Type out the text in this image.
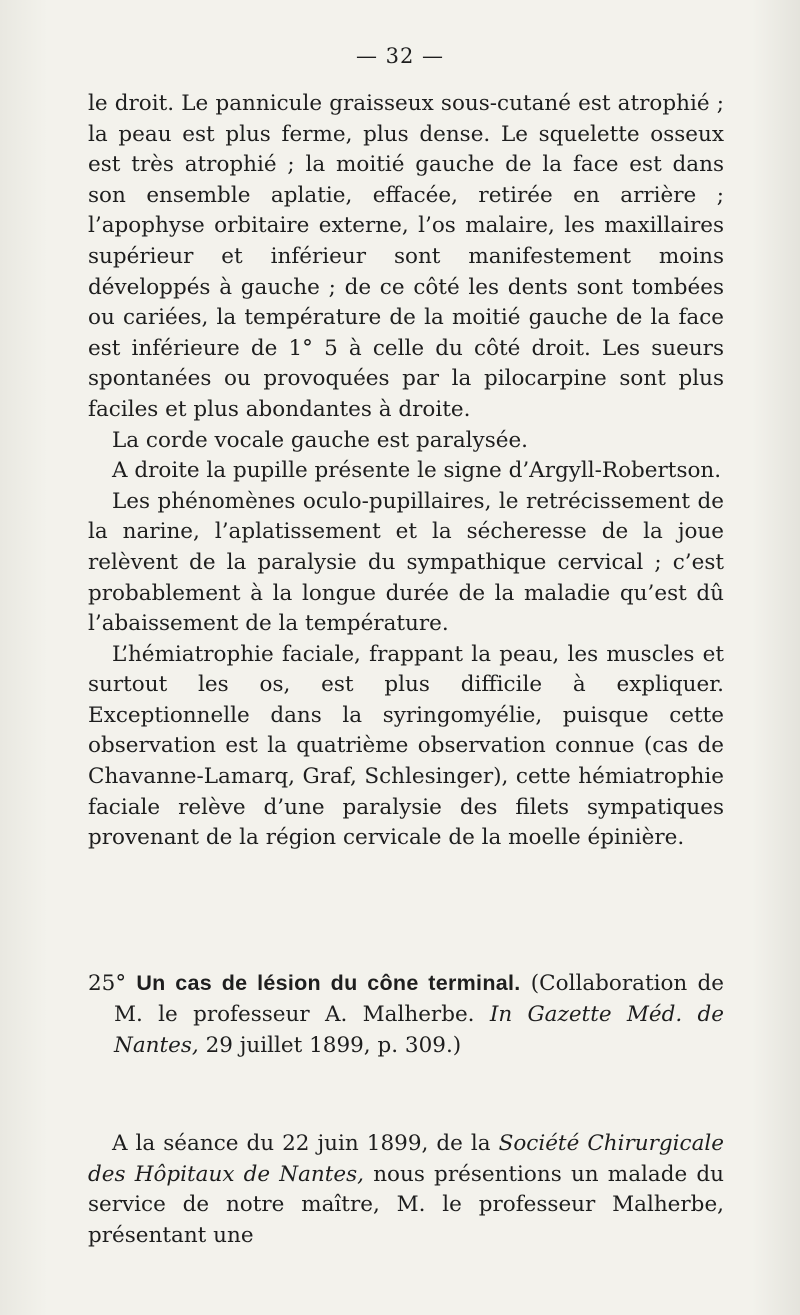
— 32 —

le droit. Le pannicule graisseux sous-cutané est atrophié ; la peau est plus ferme, plus dense. Le squelette osseux est très atrophié ; la moitié gauche de la face est dans son ensemble aplatie, effacée, retirée en arrière ; l’apophyse orbitaire externe, l’os malaire, les maxillaires supérieur et inférieur sont manifestement moins développés à gauche ; de ce côté les dents sont tombées ou cariées, la température de la moitié gauche de la face est inférieure de 1° 5 à celle du côté droit. Les sueurs spontanées ou provoquées par la pilocarpine sont plus faciles et plus abondantes à droite.

La corde vocale gauche est paralysée.

A droite la pupille présente le signe d’Argyll-Robertson.

Les phénomènes oculo-pupillaires, le retrécissement de la narine, l’aplatissement et la sécheresse de la joue relèvent de la paralysie du sympathique cervical ; c’est probablement à la longue durée de la maladie qu’est dû l’abaissement de la température.

L’hémiatrophie faciale, frappant la peau, les muscles et surtout les os, est plus difficile à expliquer. Exceptionnelle dans la syringomyélie, puisque cette observation est la quatrième observation connue (cas de Chavanne-Lamarq, Graf, Schlesinger), cette hémiatrophie faciale relève d’une paralysie des filets sympatiques provenant de la région cervicale de la moelle épinière.

25° Un cas de lésion du cône terminal. (Collaboration de M. le professeur A. Malherbe. In Gazette Méd. de Nantes, 29 juillet 1899, p. 309.)

A la séance du 22 juin 1899, de la Société Chirurgicale des Hôpitaux de Nantes, nous présentions un malade du service de notre maître, M. le professeur Malherbe, présentant une
